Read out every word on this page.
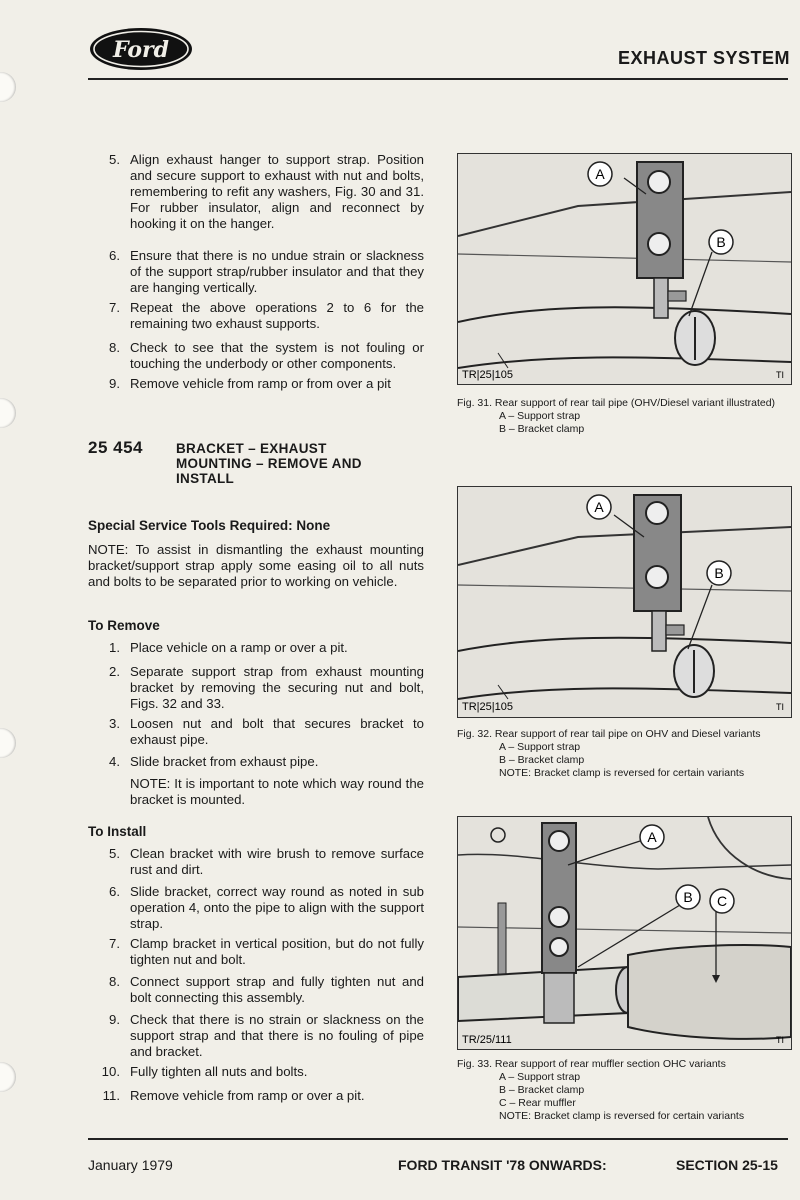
Ford	EXHAUST SYSTEM
5. Align exhaust hanger to support strap. Position and secure support to exhaust with nut and bolts, remembering to refit any washers, Fig. 30 and 31. For rubber insulator, align and reconnect by hooking it on the hanger.
6. Ensure that there is no undue strain or slackness of the support strap/rubber insulator and that they are hanging vertically.
7. Repeat the above operations 2 to 6 for the remaining two exhaust supports.
8. Check to see that the system is not fouling or touching the underbody or other components.
9. Remove vehicle from ramp or from over a pit
25 454 BRACKET – EXHAUST
MOUNTING – REMOVE AND
INSTALL
Special Service Tools Required: None
NOTE: To assist in dismantling the exhaust mounting bracket/support strap apply some easing oil to all nuts and bolts to be separated prior to working on vehicle.
To Remove
1. Place vehicle on a ramp or over a pit.
2. Separate support strap from exhaust mounting bracket by removing the securing nut and bolt, Figs. 32 and 33.
3. Loosen nut and bolt that secures bracket to exhaust pipe.
4. Slide bracket from exhaust pipe.
NOTE: It is important to note which way round the bracket is mounted.
To Install
5. Clean bracket with wire brush to remove surface rust and dirt.
6. Slide bracket, correct way round as noted in sub operation 4, onto the pipe to align with the support strap.
7. Clamp bracket in vertical position, but do not fully tighten nut and bolt.
8. Connect support strap and fully tighten nut and bolt connecting this assembly.
9. Check that there is no strain or slackness on the support strap and that there is no fouling of pipe and bracket.
10. Fully tighten all nuts and bolts.
11. Remove vehicle from ramp or over a pit.
A
B
TR|25|105	TI
Fig. 31. Rear support of rear tail pipe (OHV/Diesel variant illustrated)
A – Support strap
B – Bracket clamp
A
B
TR|25|105	TI
Fig. 32. Rear support of rear tail pipe on OHV and Diesel variants
A – Support strap
B – Bracket clamp
NOTE: Bracket clamp is reversed for certain variants
A
B C
TR/25/111	TI
Fig. 33. Rear support of rear muffler section OHC variants
A – Support strap
B – Bracket clamp
C – Rear muffler
NOTE: Bracket clamp is reversed for certain variants
January 1979	FORD TRANSIT '78 ONWARDS:	SECTION 25-15
